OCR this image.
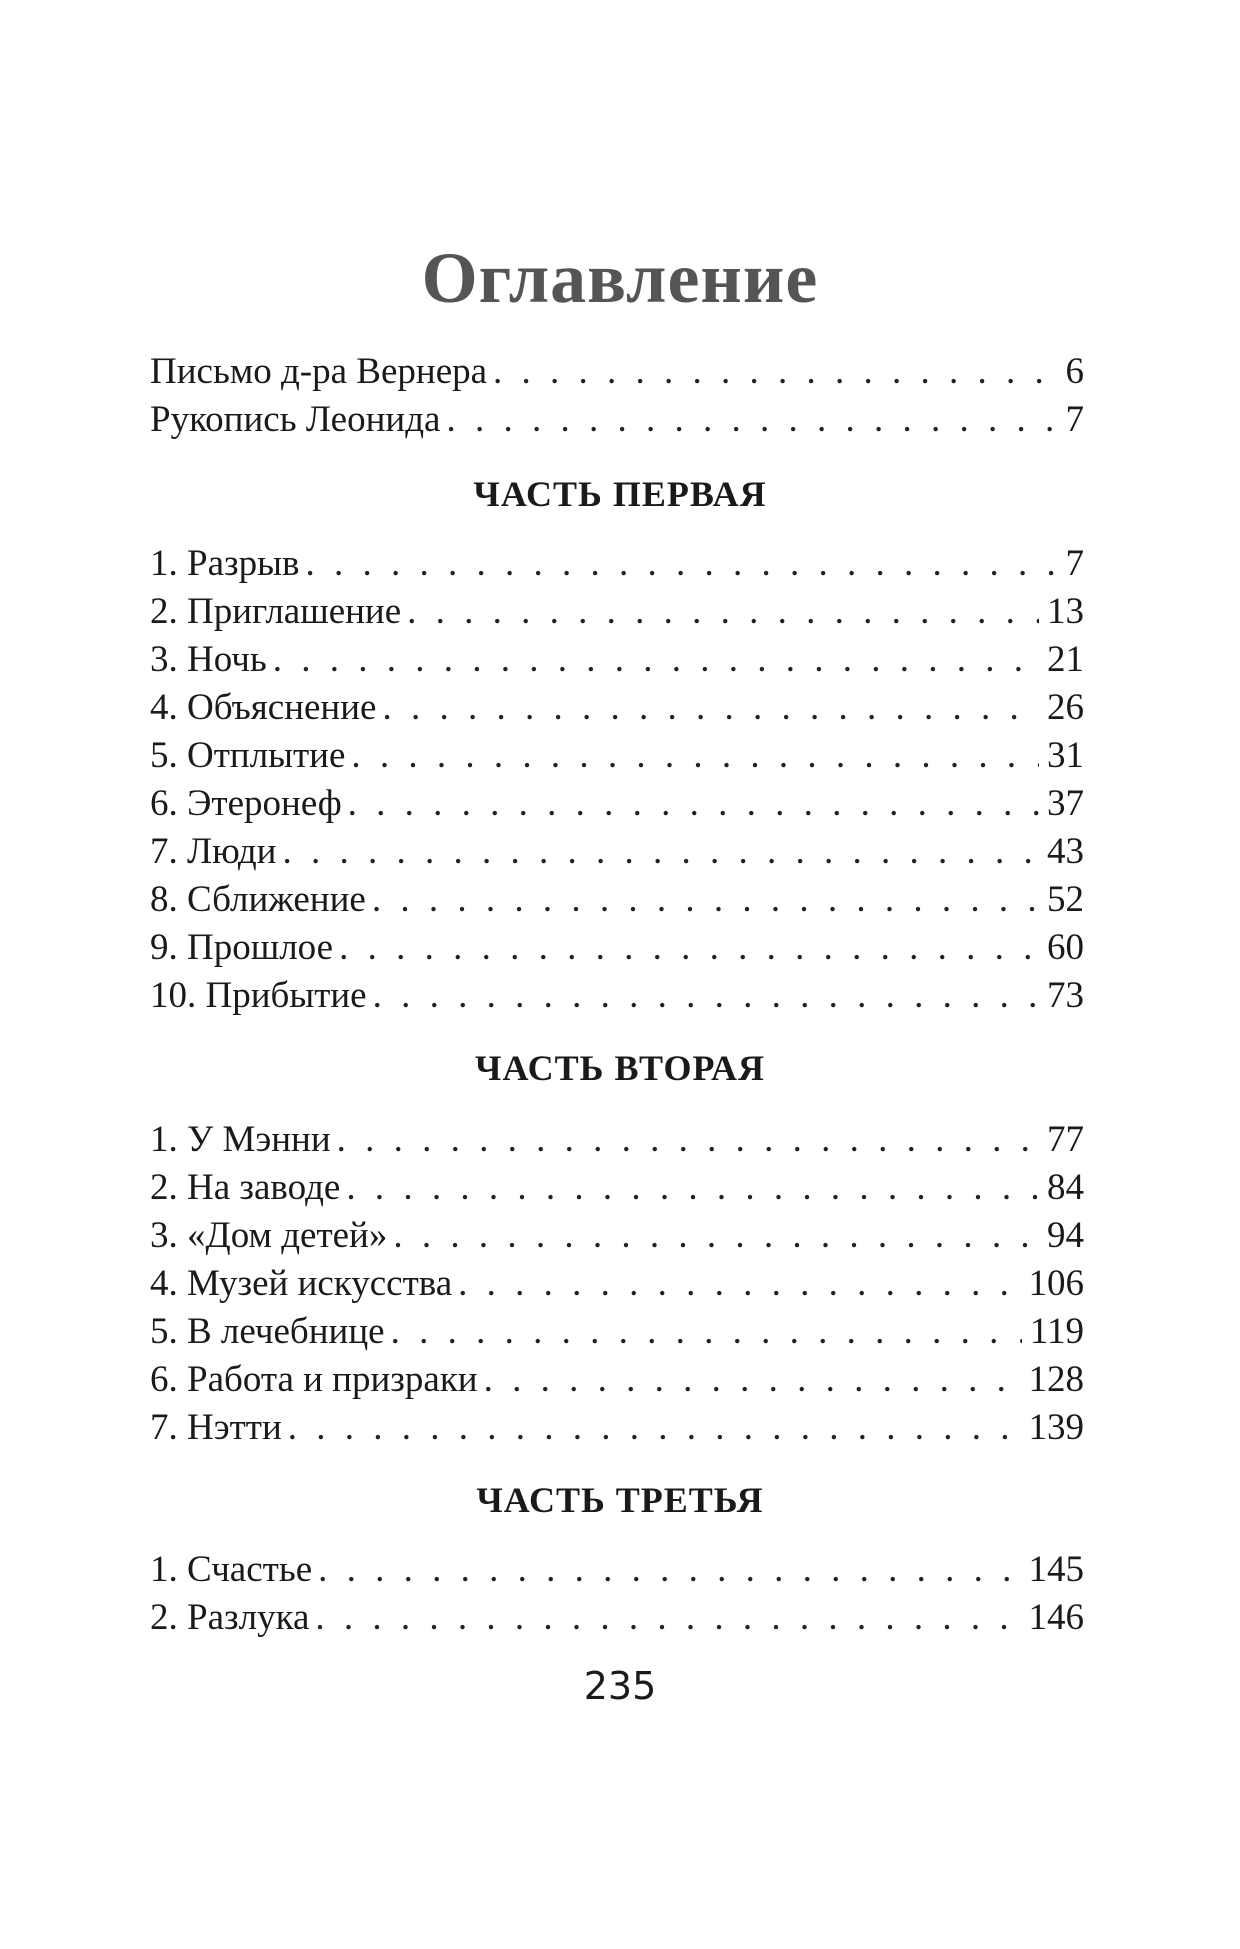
Оглавление
Письмо д-ра Вернера . . .	6
Рукопись Леонида . . .	7
ЧАСТЬ ПЕРВАЯ
1. Разрыв . . .	7
2. Приглашение . . .	13
3. Ночь . . .	21
4. Объяснение . . .	26
5. Отплытие . . .	31
6. Этеронеф . . .	37
7. Люди . . .	43
8. Сближение . . .	52
9. Прошлое . . .	60
10. Прибытие . . .	73
ЧАСТЬ ВТОРАЯ
1. У Мэнни . . .	77
2. На заводе . . .	84
3. «Дом детей» . . .	94
4. Музей искусства . . .	106
5. В лечебнице . . .	119
6. Работа и призраки . . .	128
7. Нэтти . . .	139
ЧАСТЬ ТРЕТЬЯ
1. Счастье . . .	145
2. Разлука . . .	146
235
